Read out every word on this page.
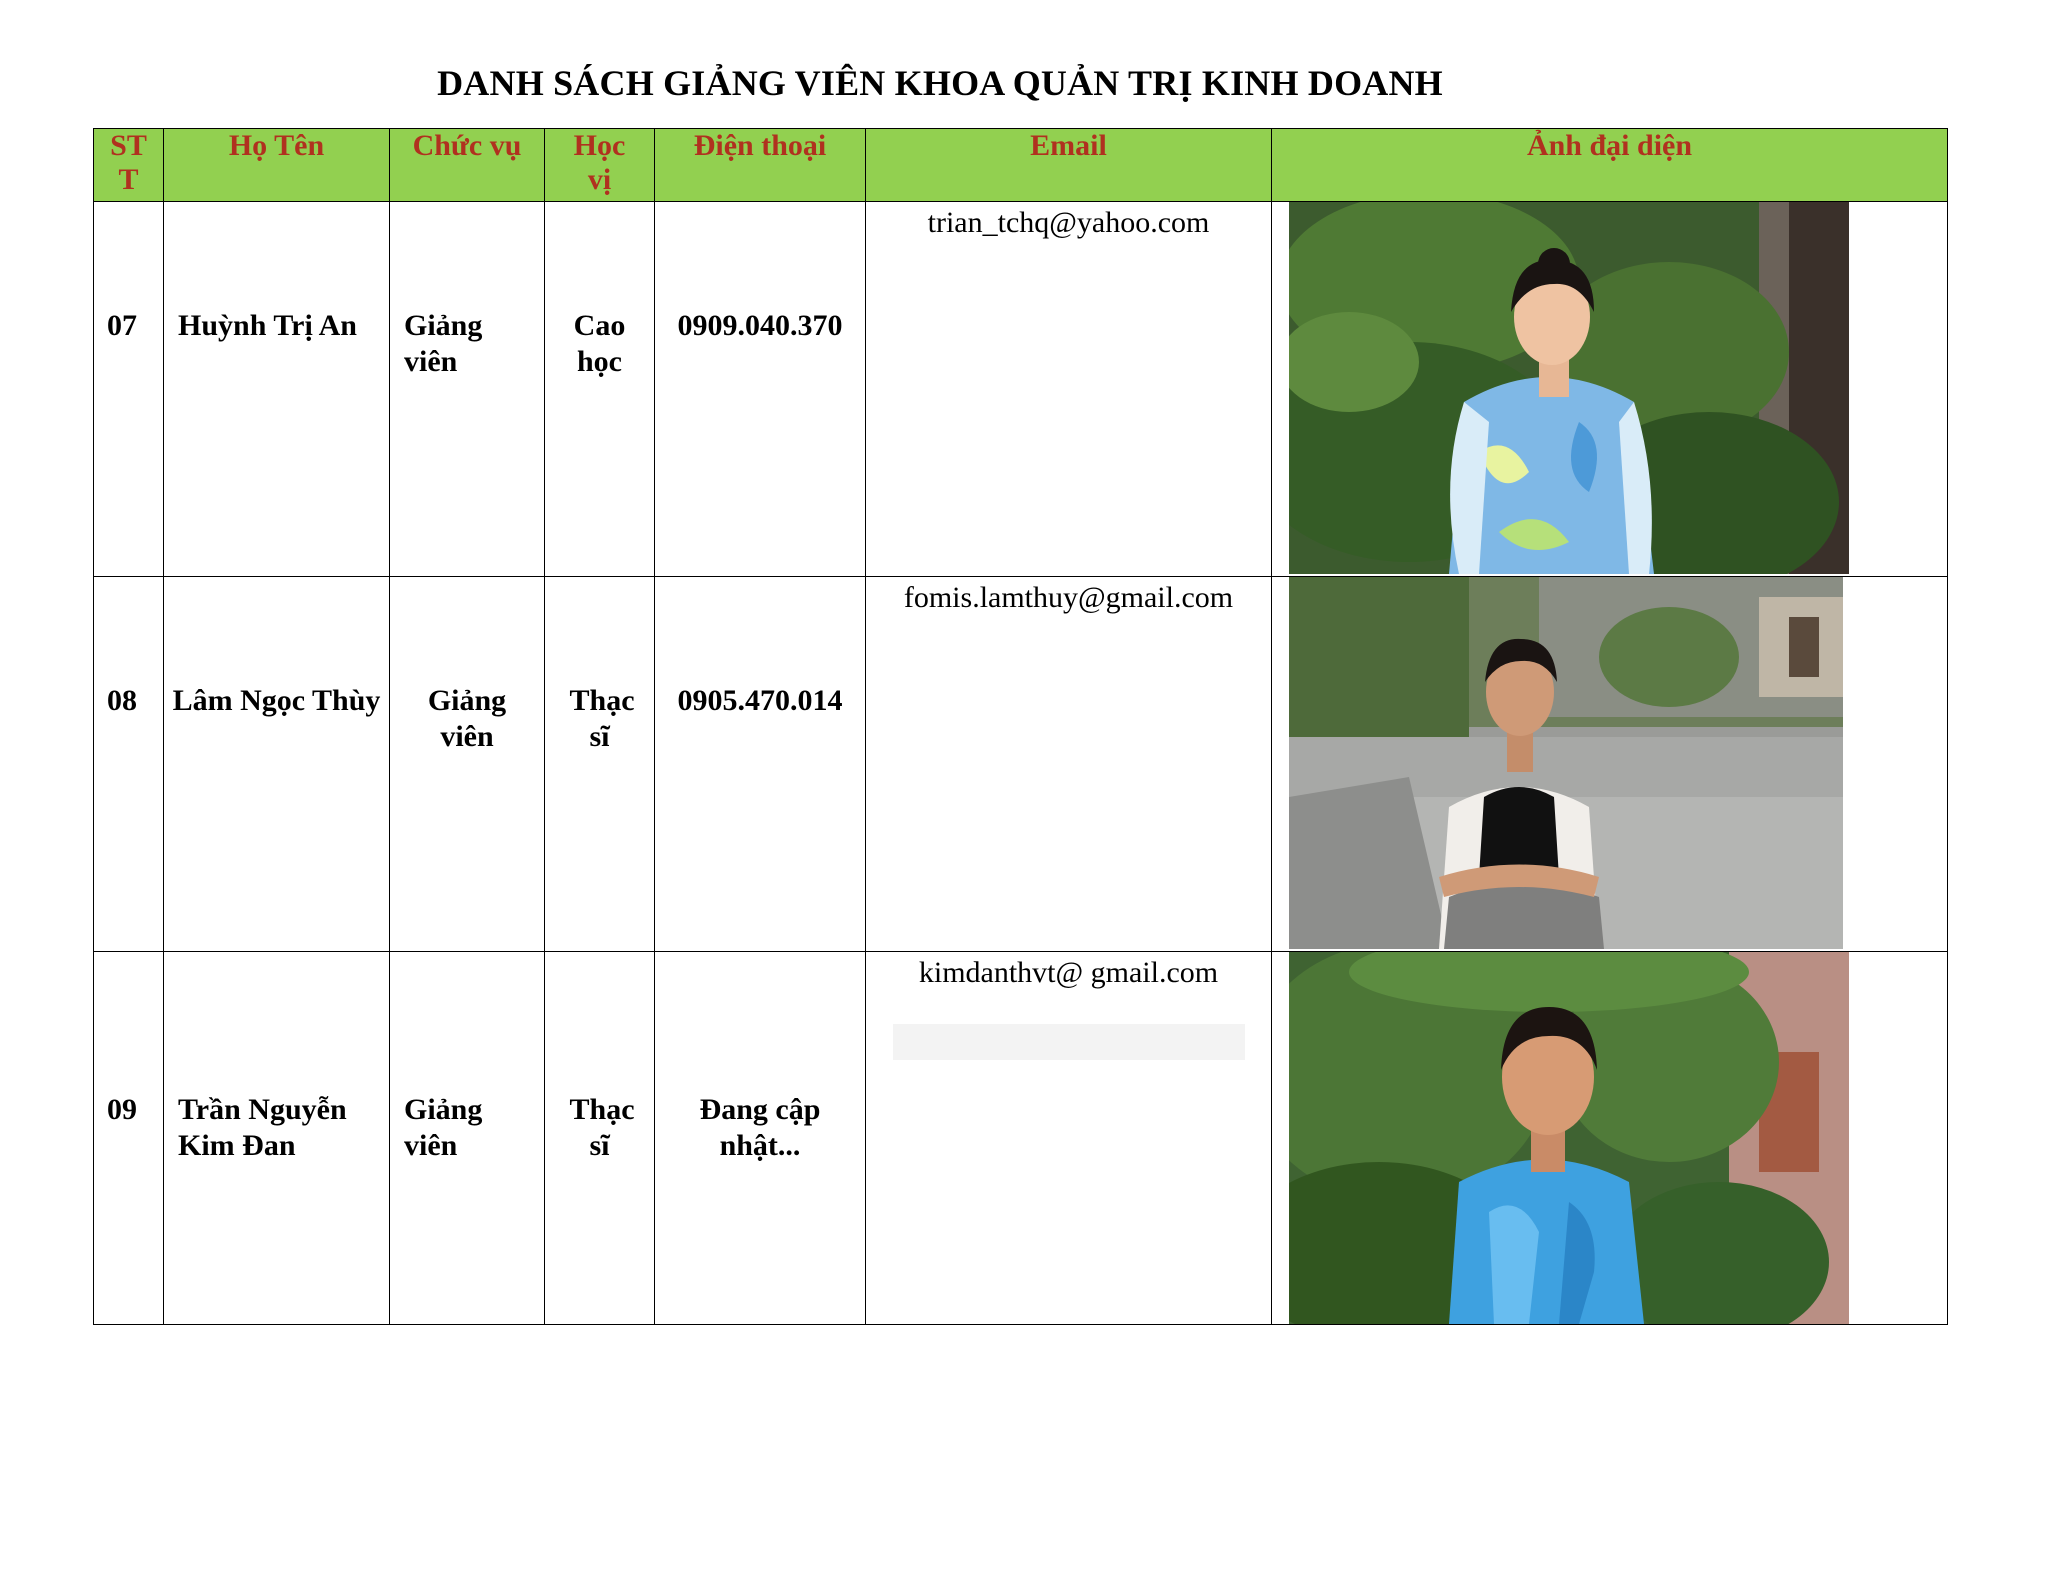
DANH SÁCH GIẢNG VIÊN KHOA QUẢN TRỊ KINH DOANH
ST T	Họ Tên	Chức vụ	Học vị	Điện thoại	Email	Ảnh đại diện

07	Huỳnh Trị An	Giảng viên	Cao học	0909.040.370	trian_tchq@yahoo.com

08	Lâm Ngọc Thùy	Giảng viên	Thạc sĩ	0905.470.014	fomis.lamthuy@gmail.com

09	Trần Nguyễn Kim Đan	Giảng viên	Thạc sĩ	Đang cập nhật...	kimdanthvt@ gmail.com
